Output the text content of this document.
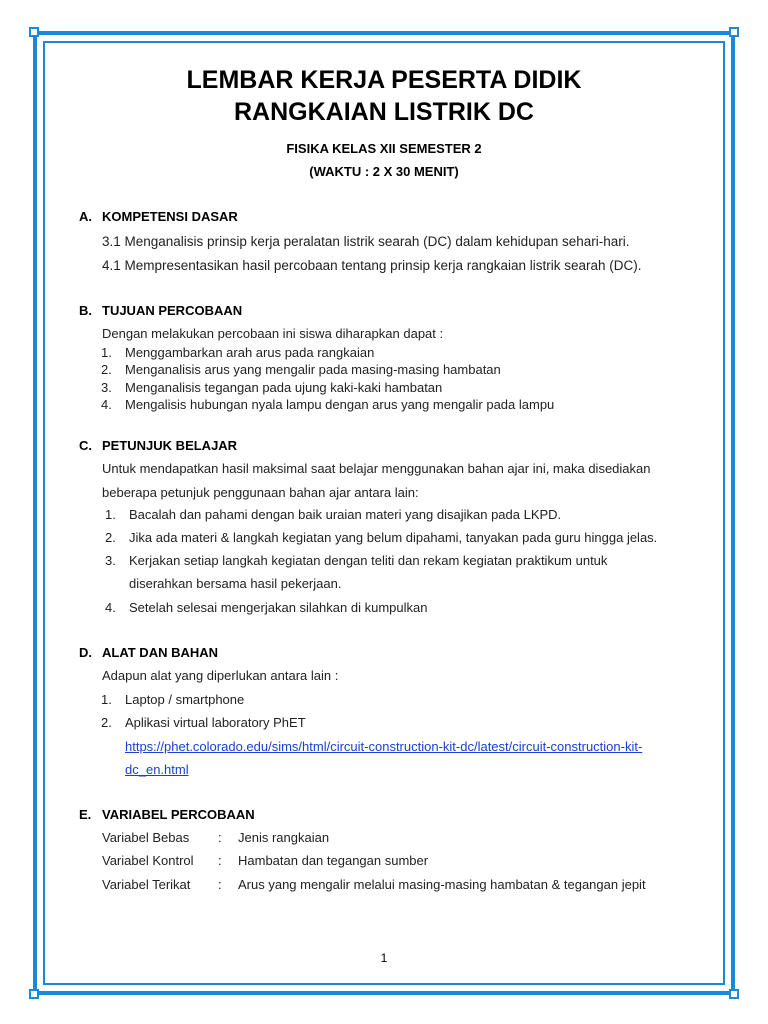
LEMBAR KERJA PESERTA DIDIK
RANGKAIAN LISTRIK DC
FISIKA KELAS XII SEMESTER 2
(WAKTU : 2 X 30 MENIT)
A. KOMPETENSI DASAR
3.1 Menganalisis prinsip kerja peralatan listrik searah (DC) dalam kehidupan sehari-hari.
4.1 Mempresentasikan hasil percobaan tentang prinsip kerja rangkaian listrik searah (DC).
B. TUJUAN PERCOBAAN
Dengan melakukan percobaan ini siswa diharapkan dapat :
1. Menggambarkan arah arus pada rangkaian
2. Menganalisis arus yang mengalir pada masing-masing hambatan
3. Menganalisis tegangan pada ujung kaki-kaki hambatan
4. Mengalisis hubungan nyala lampu dengan arus yang mengalir pada lampu
C. PETUNJUK BELAJAR
Untuk mendapatkan hasil maksimal saat belajar menggunakan bahan ajar ini, maka disediakan
beberapa petunjuk penggunaan bahan ajar antara lain:
1. Bacalah dan pahami dengan baik uraian materi yang disajikan pada LKPD.
2. Jika ada materi & langkah kegiatan yang belum dipahami, tanyakan pada guru hingga jelas.
3. Kerjakan setiap langkah kegiatan dengan teliti dan rekam kegiatan praktikum untuk
diserahkan bersama hasil pekerjaan.
4. Setelah selesai mengerjakan silahkan di kumpulkan
D. ALAT DAN BAHAN
Adapun alat yang diperlukan antara lain :
1. Laptop / smartphone
2. Aplikasi virtual laboratory PhET
https://phet.colorado.edu/sims/html/circuit-construction-kit-dc/latest/circuit-construction-kit-
dc_en.html
E. VARIABEL PERCOBAAN
Variabel Bebas : Jenis rangkaian
Variabel Kontrol : Hambatan dan tegangan sumber
Variabel Terikat : Arus yang mengalir melalui masing-masing hambatan & tegangan jepit
1
